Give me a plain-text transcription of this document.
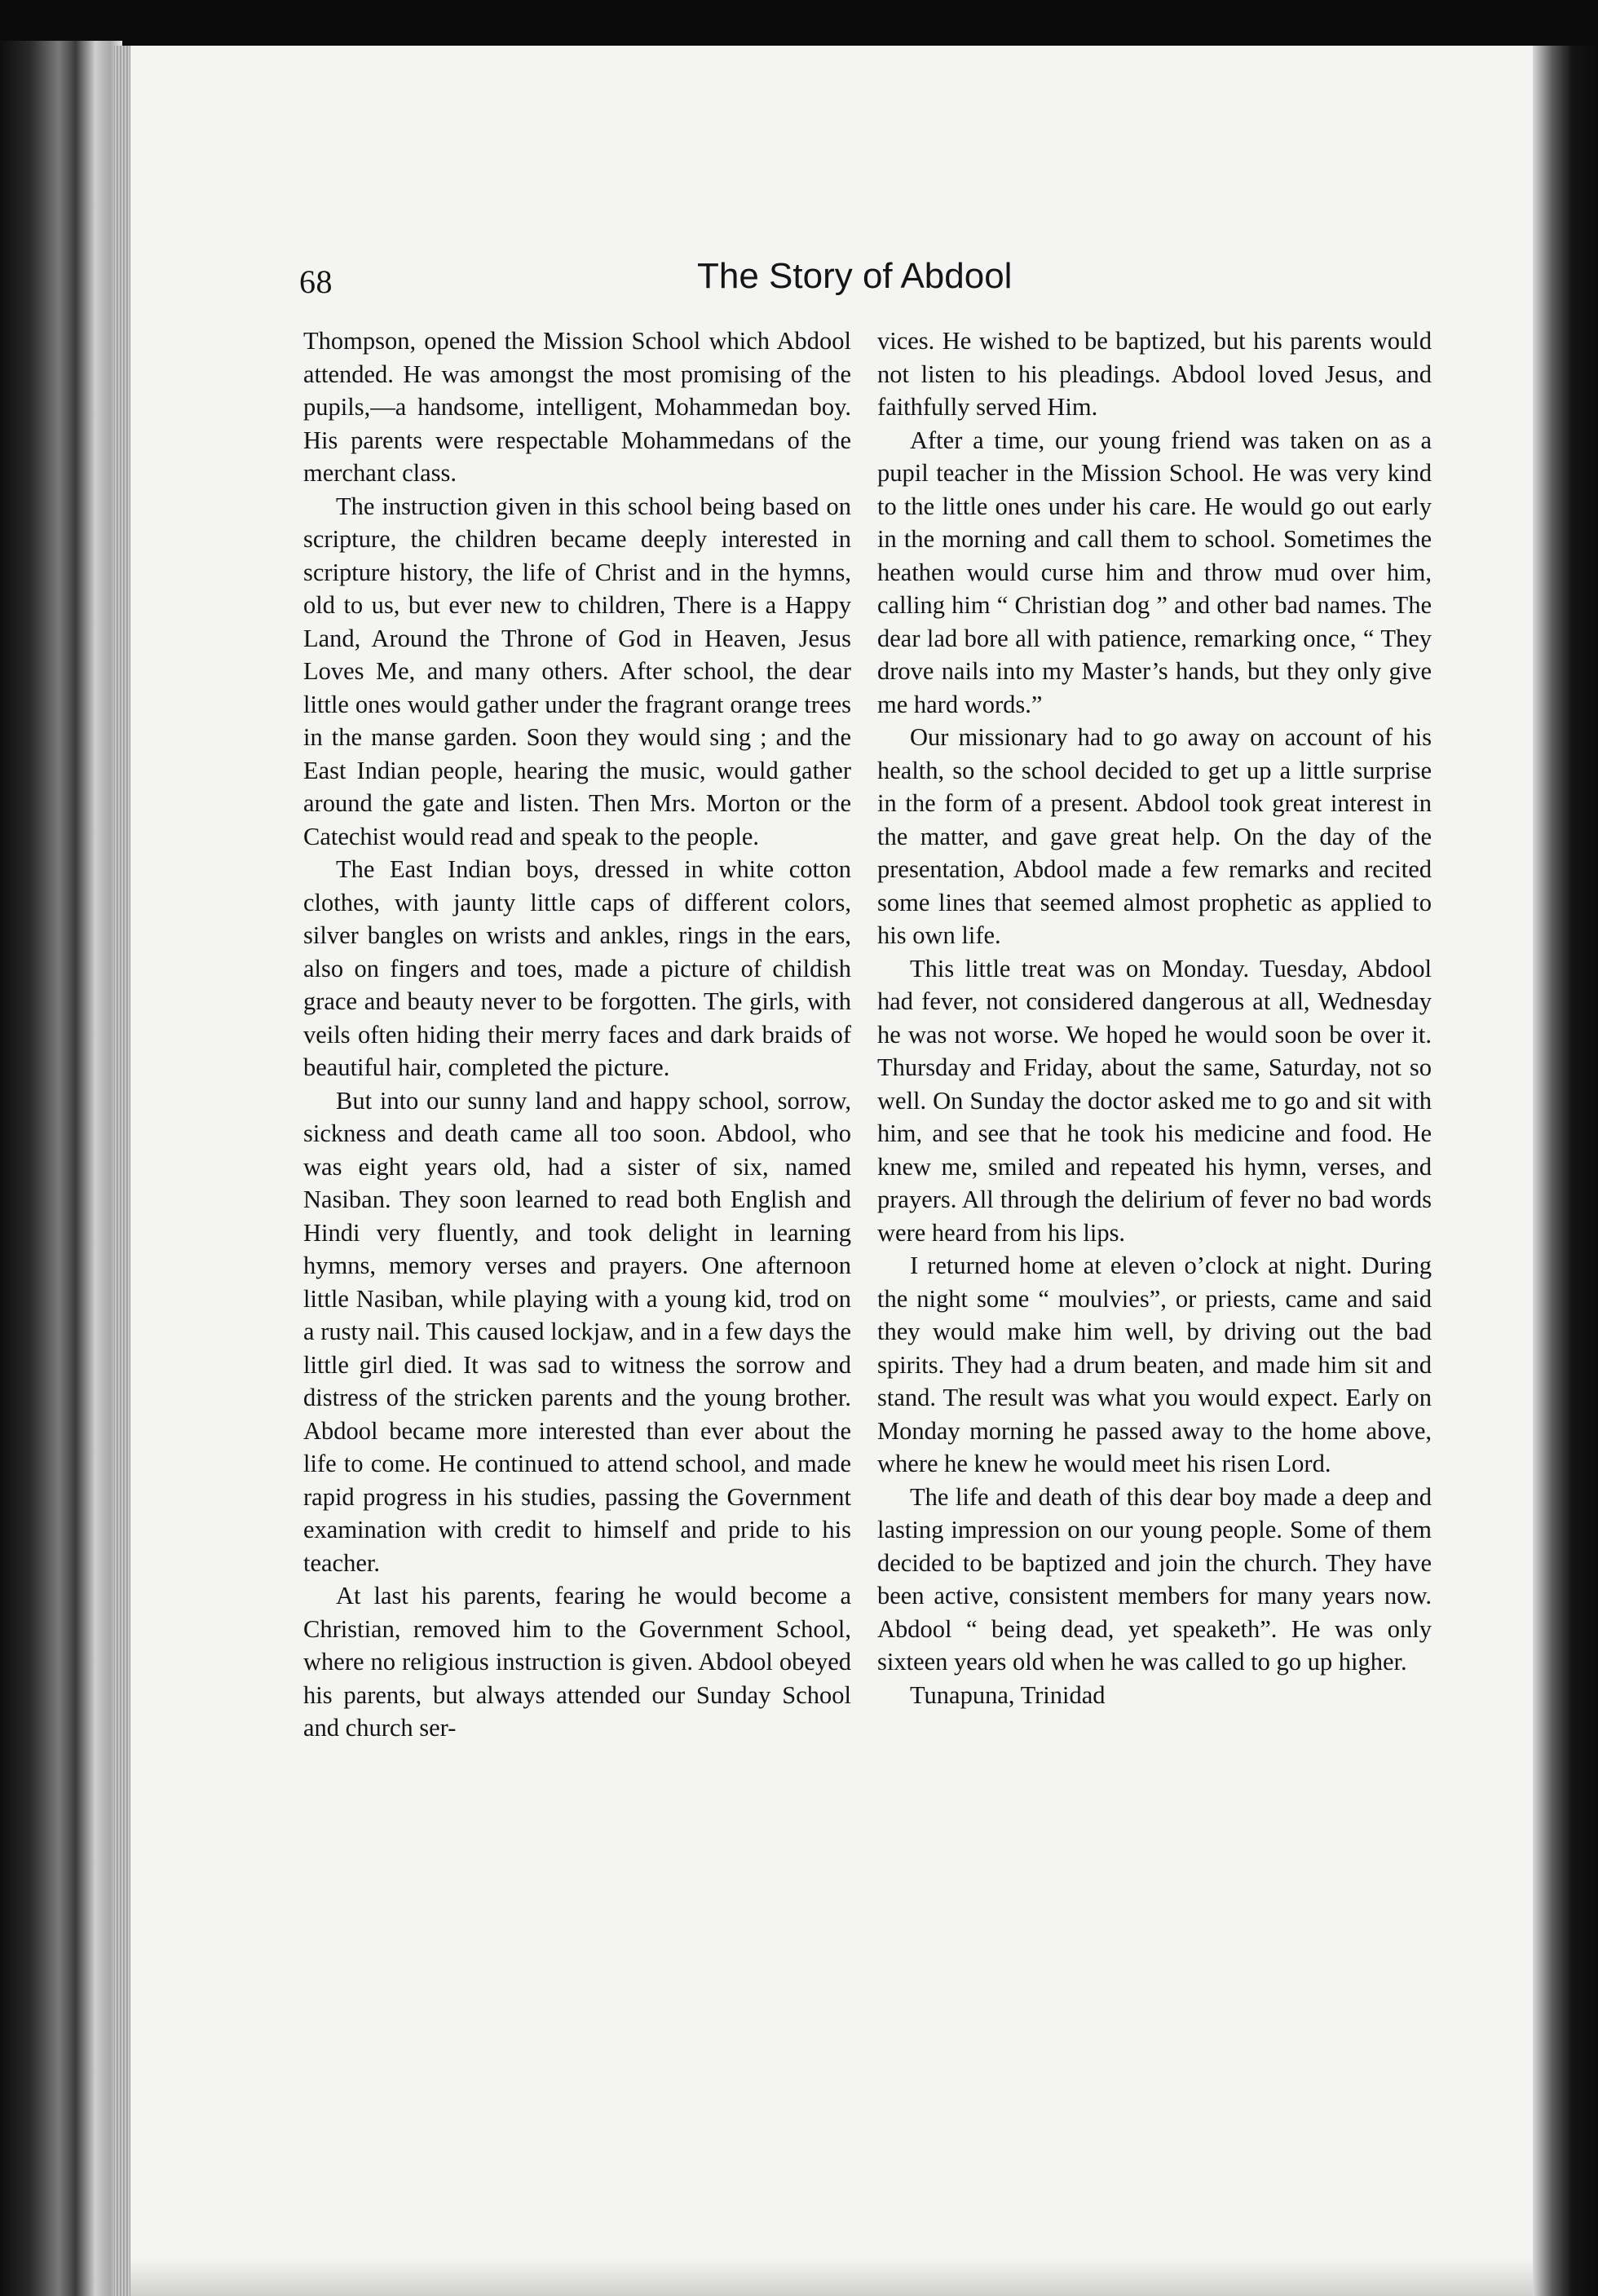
68	The Story of Abdool

Thompson, opened the Mission School which Abdool attended. He was amongst the most promising of the pupils,—a handsome, intelligent, Mohammedan boy. His parents were respectable Mohammedans of the merchant class.

The instruction given in this school being based on scripture, the children became deeply interested in scripture history, the life of Christ and in the hymns, old to us, but ever new to children, There is a Happy Land, Around the Throne of God in Heaven, Jesus Loves Me, and many others. After school, the dear little ones would gather under the fragrant orange trees in the manse garden. Soon they would sing ; and the East Indian people, hearing the music, would gather around the gate and listen. Then Mrs. Morton or the Catechist would read and speak to the people.

The East Indian boys, dressed in white cotton clothes, with jaunty little caps of different colors, silver bangles on wrists and ankles, rings in the ears, also on fingers and toes, made a picture of childish grace and beauty never to be forgotten. The girls, with veils often hiding their merry faces and dark braids of beautiful hair, completed the picture.

But into our sunny land and happy school, sorrow, sickness and death came all too soon. Abdool, who was eight years old, had a sister of six, named Nasiban. They soon learned to read both English and Hindi very fluently, and took delight in learning hymns, memory verses and prayers. One afternoon little Nasiban, while playing with a young kid, trod on a rusty nail. This caused lockjaw, and in a few days the little girl died. It was sad to witness the sorrow and distress of the stricken parents and the young brother. Abdool became more interested than ever about the life to come. He continued to attend school, and made rapid progress in his studies, passing the Government examination with credit to himself and pride to his teacher.

At last his parents, fearing he would become a Christian, removed him to the Government School, where no religious instruction is given. Abdool obeyed his parents, but always attended our Sunday School and church ser-

vices. He wished to be baptized, but his parents would not listen to his pleadings. Abdool loved Jesus, and faithfully served Him.

After a time, our young friend was taken on as a pupil teacher in the Mission School. He was very kind to the little ones under his care. He would go out early in the morning and call them to school. Sometimes the heathen would curse him and throw mud over him, calling him “ Christian dog ” and other bad names. The dear lad bore all with patience, remarking once, “ They drove nails into my Master’s hands, but they only give me hard words.”

Our missionary had to go away on account of his health, so the school decided to get up a little surprise in the form of a present. Abdool took great interest in the matter, and gave great help. On the day of the presentation, Abdool made a few remarks and recited some lines that seemed almost prophetic as applied to his own life.

This little treat was on Monday. Tuesday, Abdool had fever, not considered dangerous at all, Wednesday he was not worse. We hoped he would soon be over it. Thursday and Friday, about the same, Saturday, not so well. On Sunday the doctor asked me to go and sit with him, and see that he took his medicine and food. He knew me, smiled and repeated his hymn, verses, and prayers. All through the delirium of fever no bad words were heard from his lips.

I returned home at eleven o’clock at night. During the night some “ moulvies”, or priests, came and said they would make him well, by driving out the bad spirits. They had a drum beaten, and made him sit and stand. The result was what you would expect. Early on Monday morning he passed away to the home above, where he knew he would meet his risen Lord.

The life and death of this dear boy made a deep and lasting impression on our young people. Some of them decided to be baptized and join the church. They have been active, consistent members for many years now. Abdool “ being dead, yet speaketh”. He was only sixteen years old when he was called to go up higher.

Tunapuna, Trinidad
